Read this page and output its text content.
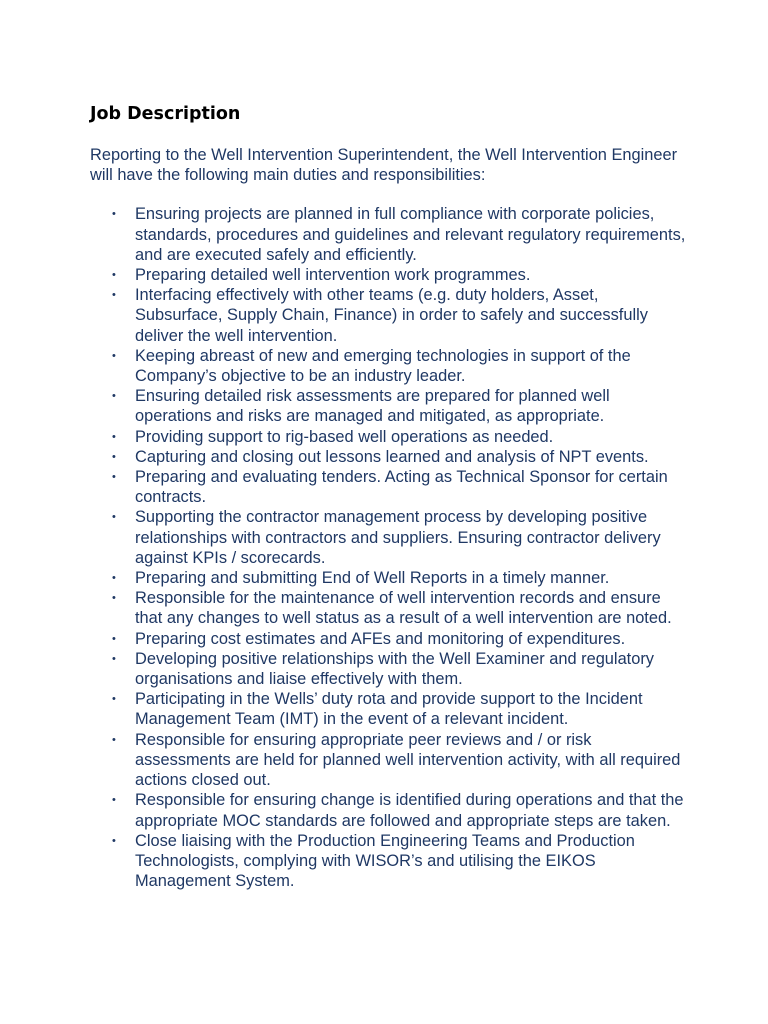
Job Description

Reporting to the Well Intervention Superintendent, the Well Intervention Engineer will have the following main duties and responsibilities:

• Ensuring projects are planned in full compliance with corporate policies, standards, procedures and guidelines and relevant regulatory requirements, and are executed safely and efficiently.
• Preparing detailed well intervention work programmes.
• Interfacing effectively with other teams (e.g. duty holders, Asset, Subsurface, Supply Chain, Finance) in order to safely and successfully deliver the well intervention.
• Keeping abreast of new and emerging technologies in support of the Company’s objective to be an industry leader.
• Ensuring detailed risk assessments are prepared for planned well operations and risks are managed and mitigated, as appropriate.
• Providing support to rig-based well operations as needed.
• Capturing and closing out lessons learned and analysis of NPT events.
• Preparing and evaluating tenders. Acting as Technical Sponsor for certain contracts.
• Supporting the contractor management process by developing positive relationships with contractors and suppliers. Ensuring contractor delivery against KPIs / scorecards.
• Preparing and submitting End of Well Reports in a timely manner.
• Responsible for the maintenance of well intervention records and ensure that any changes to well status as a result of a well intervention are noted.
• Preparing cost estimates and AFEs and monitoring of expenditures.
• Developing positive relationships with the Well Examiner and regulatory organisations and liaise effectively with them.
• Participating in the Wells’ duty rota and provide support to the Incident Management Team (IMT) in the event of a relevant incident.
• Responsible for ensuring appropriate peer reviews and / or risk assessments are held for planned well intervention activity, with all required actions closed out.
• Responsible for ensuring change is identified during operations and that the appropriate MOC standards are followed and appropriate steps are taken.
• Close liaising with the Production Engineering Teams and Production Technologists, complying with WISOR’s and utilising the EIKOS Management System.
